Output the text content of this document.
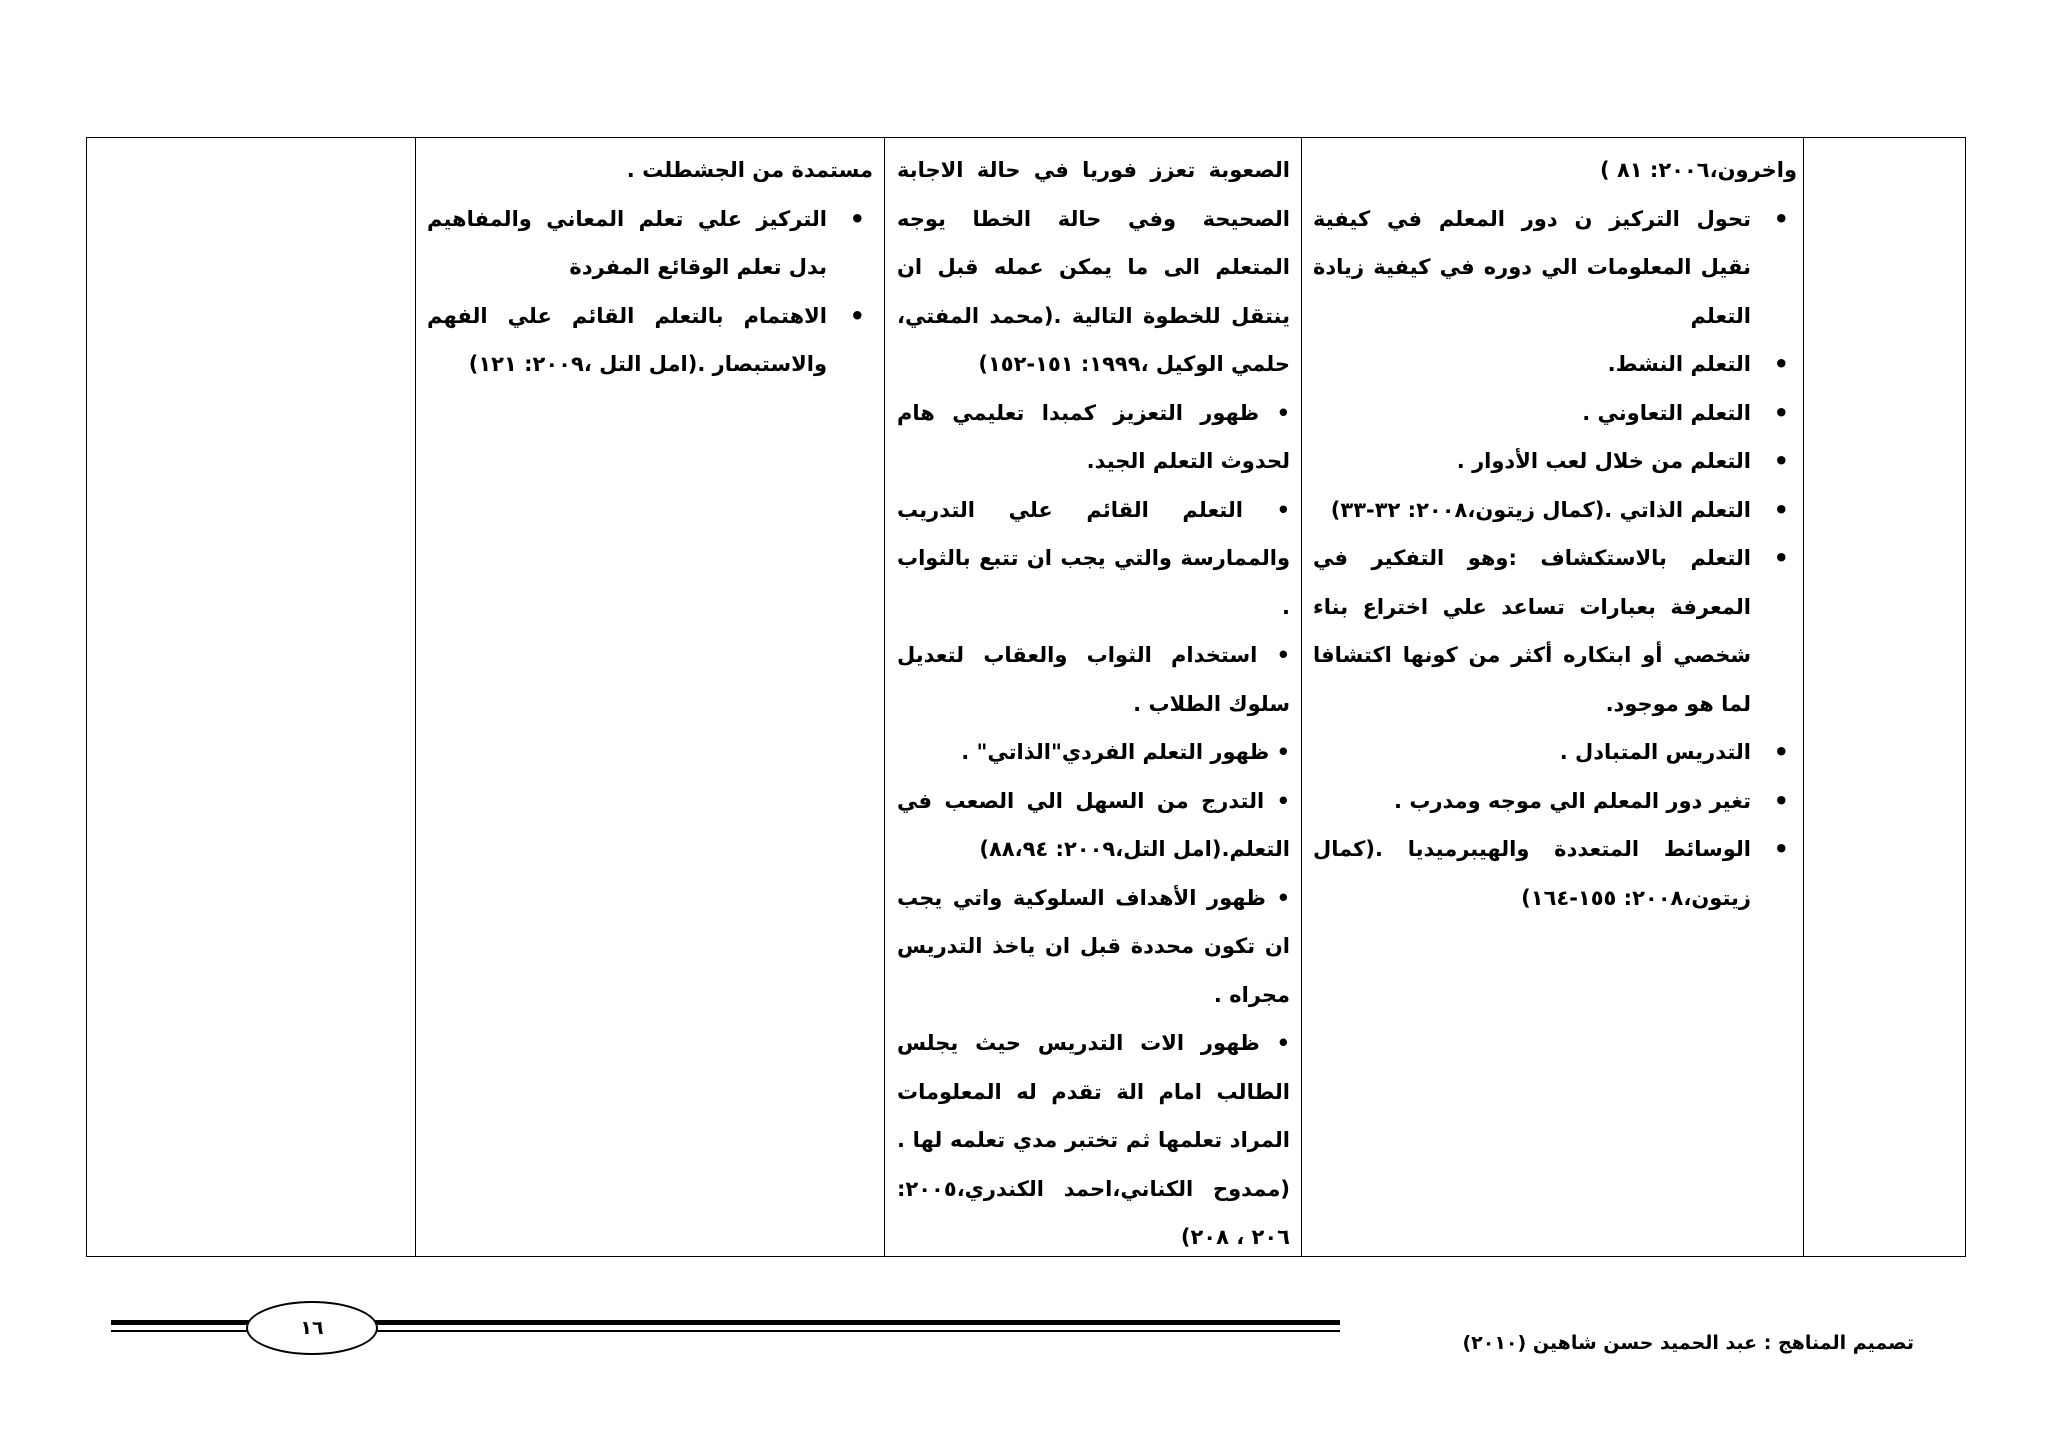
واخرون،٢٠٠٦: ٨١ )

• تحول التركيز ن دور المعلم في كيفية نقيل المعلومات الي دوره في كيفية زيادة التعلم
• التعلم النشط.
• التعلم التعاوني .
• التعلم من خلال لعب الأدوار .
• التعلم الذاتي .(كمال زيتون،٢٠٠٨: ٣٢-٣٣)
• التعلم بالاستكشاف :وهو التفكير في المعرفة بعبارات تساعد علي اختراع بناء شخصي أو ابتكاره أكثر من كونها اكتشافا لما هو موجود.
• التدريس المتبادل .
• تغير دور المعلم الي موجه ومدرب .
• الوسائط المتعددة والهيبرميديا .(كمال زيتون،٢٠٠٨: ١٥٥-١٦٤)
الصعوبة تعزز فوريا في حالة الاجابة الصحيحة وفي حالة الخطا يوجه المتعلم الى ما يمكن عمله قبل ان ينتقل للخطوة التالية .(محمد المفتي، حلمي الوكيل ،١٩٩٩: ١٥١-١٥٢)
• ظهور التعزيز كمبدا تعليمي هام لحدوث التعلم الجيد.
• التعلم القائم علي التدريب والممارسة والتي يجب ان تتبع بالثواب .
• استخدام الثواب والعقاب لتعديل سلوك الطلاب .
• ظهور التعلم الفردي"الذاتي" .
• التدرج من السهل الي الصعب في التعلم.(امل التل،٢٠٠٩: ٨٨،٩٤)
• ظهور الأهداف السلوكية واتي يجب ان تكون محددة قبل ان ياخذ التدريس مجراه .
• ظهور الات التدريس حيث يجلس الطالب امام الة تقدم له المعلومات المراد تعلمها ثم تختبر مدي تعلمه لها .(ممدوح الكناني،احمد الكندري،٢٠٠٥: ٢٠٦ ، ٢٠٨)

مستمدة من الجشطلت .

• التركيز علي تعلم المعاني والمفاهيم بدل تعلم الوقائع المفردة
• الاهتمام بالتعلم القائم علي الفهم والاستبصار .(امل التل ،٢٠٠٩: ١٢١)
١٦
تصميم المناهج : عبد الحميد حسن شاهين (٢٠١٠)
